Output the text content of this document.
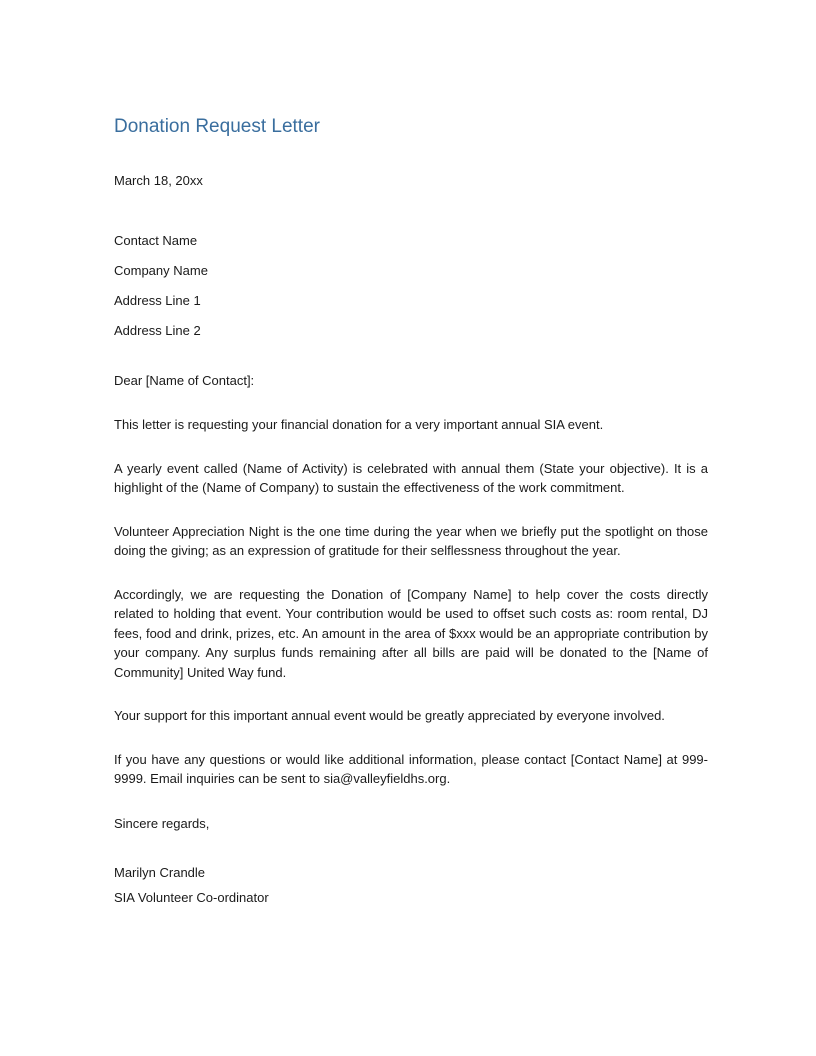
Donation Request Letter

March 18, 20xx

Contact Name

Company Name

Address Line 1

Address Line 2

Dear [Name of Contact]:

This letter is requesting your financial donation for a very important annual SIA event.

A yearly event called (Name of Activity) is celebrated with annual them (State your objective). It is a highlight of the (Name of Company) to sustain the effectiveness of the work commitment.

Volunteer Appreciation Night is the one time during the year when we briefly put the spotlight on those doing the giving; as an expression of gratitude for their selflessness throughout the year.

Accordingly, we are requesting the Donation of [Company Name] to help cover the costs directly related to holding that event. Your contribution would be used to offset such costs as: room rental, DJ fees, food and drink, prizes, etc. An amount in the area of $xxx would be an appropriate contribution by your company. Any surplus funds remaining after all bills are paid will be donated to the [Name of Community] United Way fund.

Your support for this important annual event would be greatly appreciated by everyone involved.

If you have any questions or would like additional information, please contact [Contact Name] at 999-9999. Email inquiries can be sent to sia@valleyfieldhs.org.

Sincere regards,

Marilyn Crandle

SIA Volunteer Co-ordinator
